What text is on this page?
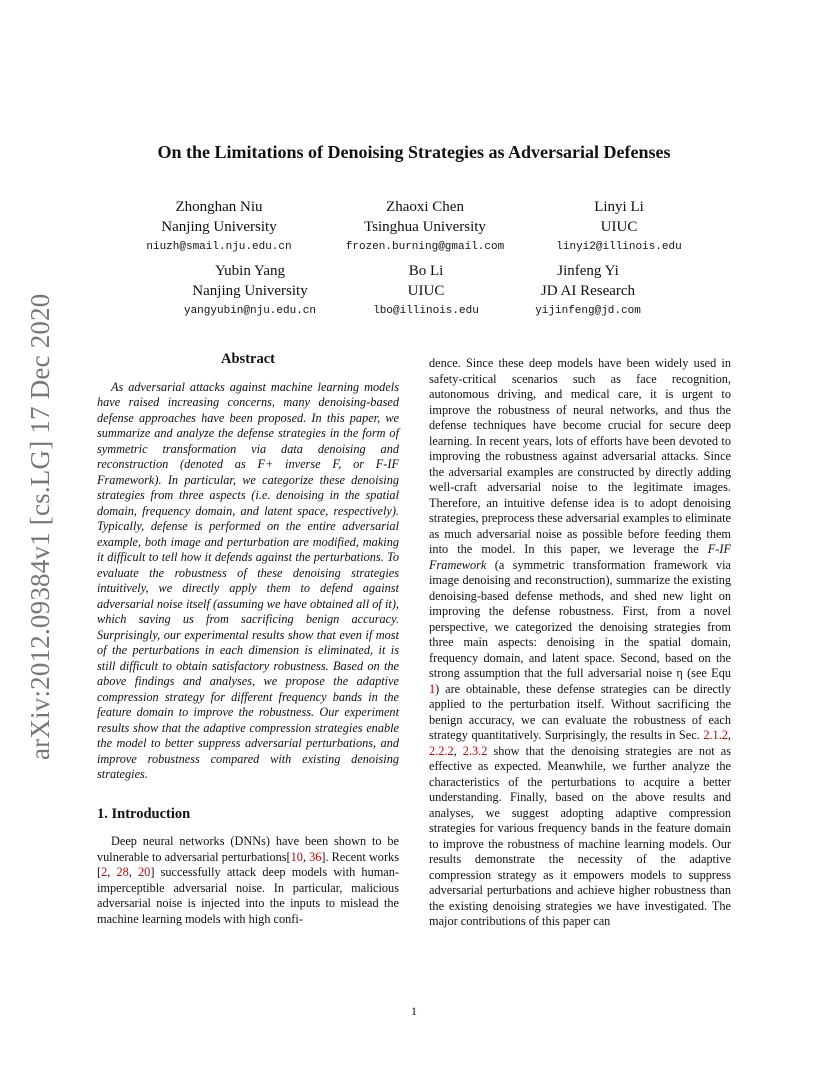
arXiv:2012.09384v1 [cs.LG] 17 Dec 2020
On the Limitations of Denoising Strategies as Adversarial Defenses
Zhonghan Niu
Nanjing University
niuzh@smail.nju.edu.cn
Zhaoxi Chen
Tsinghua University
frozen.burning@gmail.com
Linyi Li
UIUC
linyi2@illinois.edu
Yubin Yang
Nanjing University
yangyubin@nju.edu.cn
Bo Li
UIUC
lbo@illinois.edu
Jinfeng Yi
JD AI Research
yijinfeng@jd.com
Abstract

As adversarial attacks against machine learning models have raised increasing concerns, many denoising-based defense approaches have been proposed. In this paper, we summarize and analyze the defense strategies in the form of symmetric transformation via data denoising and reconstruction (denoted as F+ inverse F, or F-IF Framework). In particular, we categorize these denoising strategies from three aspects (i.e. denoising in the spatial domain, frequency domain, and latent space, respectively). Typically, defense is performed on the entire adversarial example, both image and perturbation are modified, making it difficult to tell how it defends against the perturbations. To evaluate the robustness of these denoising strategies intuitively, we directly apply them to defend against adversarial noise itself (assuming we have obtained all of it), which saving us from sacrificing benign accuracy. Surprisingly, our experimental results show that even if most of the perturbations in each dimension is eliminated, it is still difficult to obtain satisfactory robustness. Based on the above findings and analyses, we propose the adaptive compression strategy for different frequency bands in the feature domain to improve the robustness. Our experiment results show that the adaptive compression strategies enable the model to better suppress adversarial perturbations, and improve robustness compared with existing denoising strategies.

1. Introduction

Deep neural networks (DNNs) have been shown to be vulnerable to adversarial perturbations[10, 36]. Recent works [2, 28, 20] successfully attack deep models with human-imperceptible adversarial noise. In particular, malicious adversarial noise is injected into the inputs to mislead the machine learning models with high confi-

dence. Since these deep models have been widely used in safety-critical scenarios such as face recognition, autonomous driving, and medical care, it is urgent to improve the robustness of neural networks, and thus the defense techniques have become crucial for secure deep learning. In recent years, lots of efforts have been devoted to improving the robustness against adversarial attacks. Since the adversarial examples are constructed by directly adding well-craft adversarial noise to the legitimate images. Therefore, an intuitive defense idea is to adopt denoising strategies, preprocess these adversarial examples to eliminate as much adversarial noise as possible before feeding them into the model. In this paper, we leverage the F-IF Framework (a symmetric transformation framework via image denoising and reconstruction), summarize the existing denoising-based defense methods, and shed new light on improving the defense robustness. First, from a novel perspective, we categorized the denoising strategies from three main aspects: denoising in the spatial domain, frequency domain, and latent space. Second, based on the strong assumption that the full adversarial noise η (see Equ 1) are obtainable, these defense strategies can be directly applied to the perturbation itself. Without sacrificing the benign accuracy, we can evaluate the robustness of each strategy quantitatively. Surprisingly, the results in Sec. 2.1.2, 2.2.2, 2.3.2 show that the denoising strategies are not as effective as expected. Meanwhile, we further analyze the characteristics of the perturbations to acquire a better understanding. Finally, based on the above results and analyses, we suggest adopting adaptive compression strategies for various frequency bands in the feature domain to improve the robustness of machine learning models. Our results demonstrate the necessity of the adaptive compression strategy as it empowers models to suppress adversarial perturbations and achieve higher robustness than the existing denoising strategies we have investigated. The major contributions of this paper can

1
